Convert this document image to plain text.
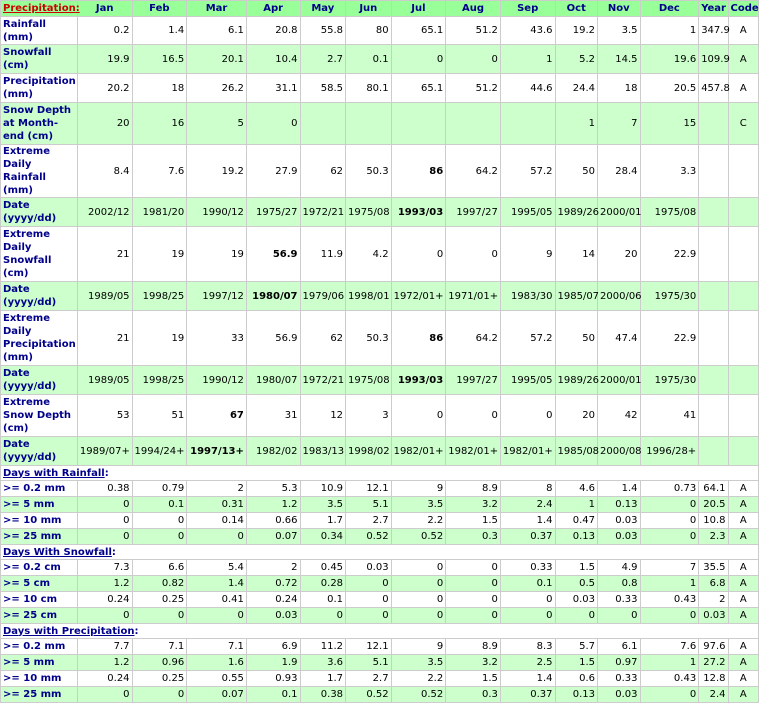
Precipitation:	Jan	Feb	Mar	Apr	May	Jun	Jul	Aug	Sep	Oct	Nov	Dec	Year	Code
Rainfall (mm)	0.2	1.4	6.1	20.8	55.8	80	65.1	51.2	43.6	19.2	3.5	1	347.9	A
Snowfall (cm)	19.9	16.5	20.1	10.4	2.7	0.1	0	0	1	5.2	14.5	19.6	109.9	A
Precipitation (mm)	20.2	18	26.2	31.1	58.5	80.1	65.1	51.2	44.6	24.4	18	20.5	457.8	A
Snow Depth at Month-end (cm)	20	16	5	0						1	7	15		C
Extreme Daily Rainfall (mm)	8.4	7.6	19.2	27.9	62	50.3	86	64.2	57.2	50	28.4	3.3		
Date (yyyy/dd)	2002/12	1981/20	1990/12	1975/27	1972/21	1975/08	1993/03	1997/27	1995/05	1989/26	2000/01	1975/08		
Extreme Daily Snowfall (cm)	21	19	19	56.9	11.9	4.2	0	0	9	14	20	22.9		
Date (yyyy/dd)	1989/05	1998/25	1997/12	1980/07	1979/06	1998/01	1972/01+	1971/01+	1983/30	1985/07	2000/06	1975/30		
Extreme Daily Precipitation (mm)	21	19	33	56.9	62	50.3	86	64.2	57.2	50	47.4	22.9		
Date (yyyy/dd)	1989/05	1998/25	1990/12	1980/07	1972/21	1975/08	1993/03	1997/27	1995/05	1989/26	2000/01	1975/30		
Extreme Snow Depth (cm)	53	51	67	31	12	3	0	0	0	20	42	41		
Date (yyyy/dd)	1989/07+	1994/24+	1997/13+	1982/02	1983/13	1998/02	1982/01+	1982/01+	1982/01+	1985/08	2000/08	1996/28+		
Days with Rainfall:														
>= 0.2 mm	0.38	0.79	2	5.3	10.9	12.1	9	8.9	8	4.6	1.4	0.73	64.1	A
>= 5 mm	0	0.1	0.31	1.2	3.5	5.1	3.5	3.2	2.4	1	0.13	0	20.5	A
>= 10 mm	0	0	0.14	0.66	1.7	2.7	2.2	1.5	1.4	0.47	0.03	0	10.8	A
>= 25 mm	0	0	0	0.07	0.34	0.52	0.52	0.3	0.37	0.13	0.03	0	2.3	A
Days With Snowfall:														
>= 0.2 cm	7.3	6.6	5.4	2	0.45	0.03	0	0	0.33	1.5	4.9	7	35.5	A
>= 5 cm	1.2	0.82	1.4	0.72	0.28	0	0	0	0.1	0.5	0.8	1	6.8	A
>= 10 cm	0.24	0.25	0.41	0.24	0.1	0	0	0	0	0.03	0.33	0.43	2	A
>= 25 cm	0	0	0	0.03	0	0	0	0	0	0	0	0	0.03	A
Days with Precipitation:														
>= 0.2 mm	7.7	7.1	7.1	6.9	11.2	12.1	9	8.9	8.3	5.7	6.1	7.6	97.6	A
>= 5 mm	1.2	0.96	1.6	1.9	3.6	5.1	3.5	3.2	2.5	1.5	0.97	1	27.2	A
>= 10 mm	0.24	0.25	0.55	0.93	1.7	2.7	2.2	1.5	1.4	0.6	0.33	0.43	12.8	A
>= 25 mm	0	0	0.07	0.1	0.38	0.52	0.52	0.3	0.37	0.13	0.03	0	2.4	A
